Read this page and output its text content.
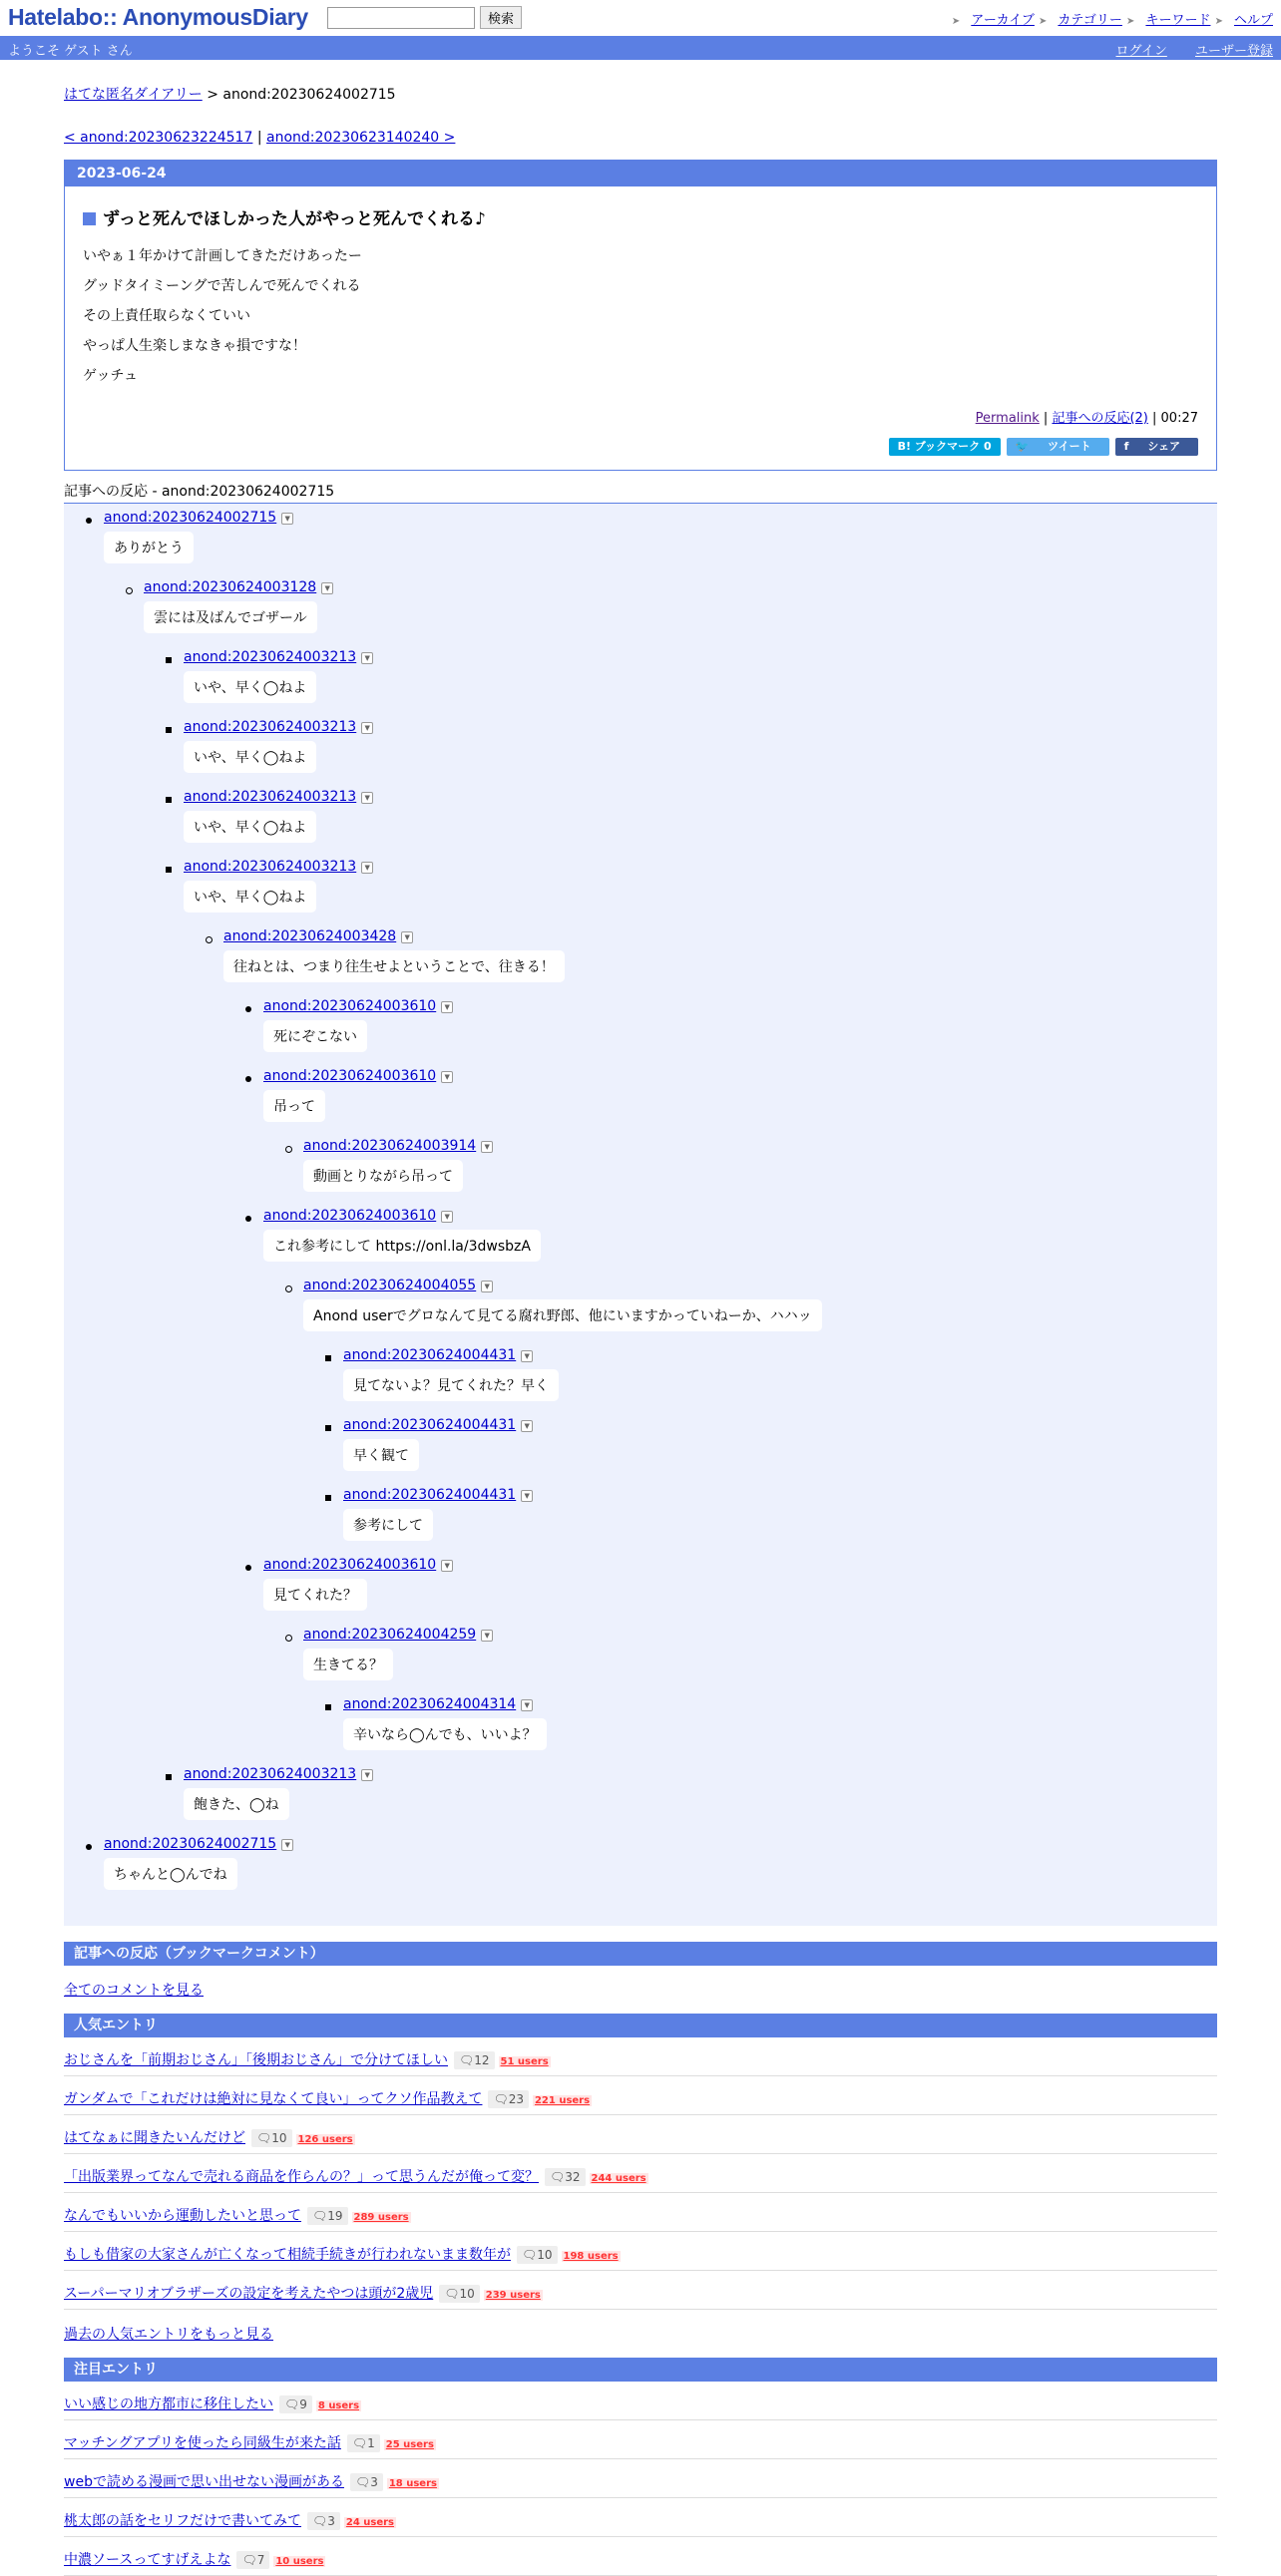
Hatelabo:: AnonymousDiary	検索	➤ アーカイブ ➤ カテゴリー ➤ キーワード ➤ ヘルプ
ようこそ ゲスト さん	ログイン ユーザー登録
はてな匿名ダイアリー > anond:20230624002715
< anond:20230623224517 | anond:20230623140240 >
2023-06-24
ずっと死んでほしかった人がやっと死んでくれる♪

いやぁ１年かけて計画してきただけあったー

グッドタイミーングで苦しんで死んでくれる

その上責任取らなくていい

やっぱ人生楽しまなきゃ損ですな！

ゲッチュ

Permalink | 記事への反応(2) | 00:27
B! ブックマーク 0 🐦 ツイート	f シェア
記事への反応 - anond:20230624002715
anond:20230624002715 ▼
ありがとう
anond:20230624003128 ▼
雲には及ばんでゴザール
anond:20230624003213 ▼
いや、早く◯ねよ
anond:20230624003213 ▼
いや、早く◯ねよ
anond:20230624003213 ▼
いや、早く◯ねよ
anond:20230624003213 ▼
いや、早く◯ねよ
anond:20230624003428 ▼
往ねとは、つまり往生せよということで、往きる！
anond:20230624003610 ▼
死にぞこない
anond:20230624003610 ▼
吊って
anond:20230624003914 ▼
動画とりながら吊って
anond:20230624003610 ▼
これ参考にして https://onl.la/3dwsbzA
anond:20230624004055 ▼
Anond userでグロなんて見てる腐れ野郎、他にいますかっていねーか、ハハッ
anond:20230624004431 ▼
見てないよ？見てくれた？早く
anond:20230624004431 ▼
早く観て
anond:20230624004431 ▼
参考にして
anond:20230624003610 ▼
見てくれた？
anond:20230624004259 ▼
生きてる？
anond:20230624004314 ▼
辛いなら◯んでも、いいよ？
anond:20230624003213 ▼
飽きた、◯ね
anond:20230624002715 ▼
ちゃんと◯んでね
記事への反応（ブックマークコメント）
全てのコメントを見る
人気エントリ
おじさんを「前期おじさん」「後期おじさん」で分けてほしい 🗨12 51 users
ガンダムで「これだけは絶対に見なくて良い」ってクソ作品教えて 🗨23 221 users
はてなぁに聞きたいんだけど 🗨10 126 users
「出版業界ってなんで売れる商品を作らんの？」って思うんだが俺って変？ 🗨32 244 users
なんでもいいから運動したいと思って 🗨19 289 users
もしも借家の大家さんが亡くなって相続手続きが行われないまま数年が 🗨10 198 users
スーパーマリオブラザーズの設定を考えたやつは頭が2歳児 🗨10 239 users
過去の人気エントリをもっと見る
注目エントリ
いい感じの地方都市に移住したい 🗨9 8 users
マッチングアプリを使ったら同級生が来た話 🗨1 25 users
webで読める漫画で思い出せない漫画がある 🗨3 18 users
桃太郎の話をセリフだけで書いてみて 🗨3 24 users
中濃ソースってすげえよな 🗨7 10 users
